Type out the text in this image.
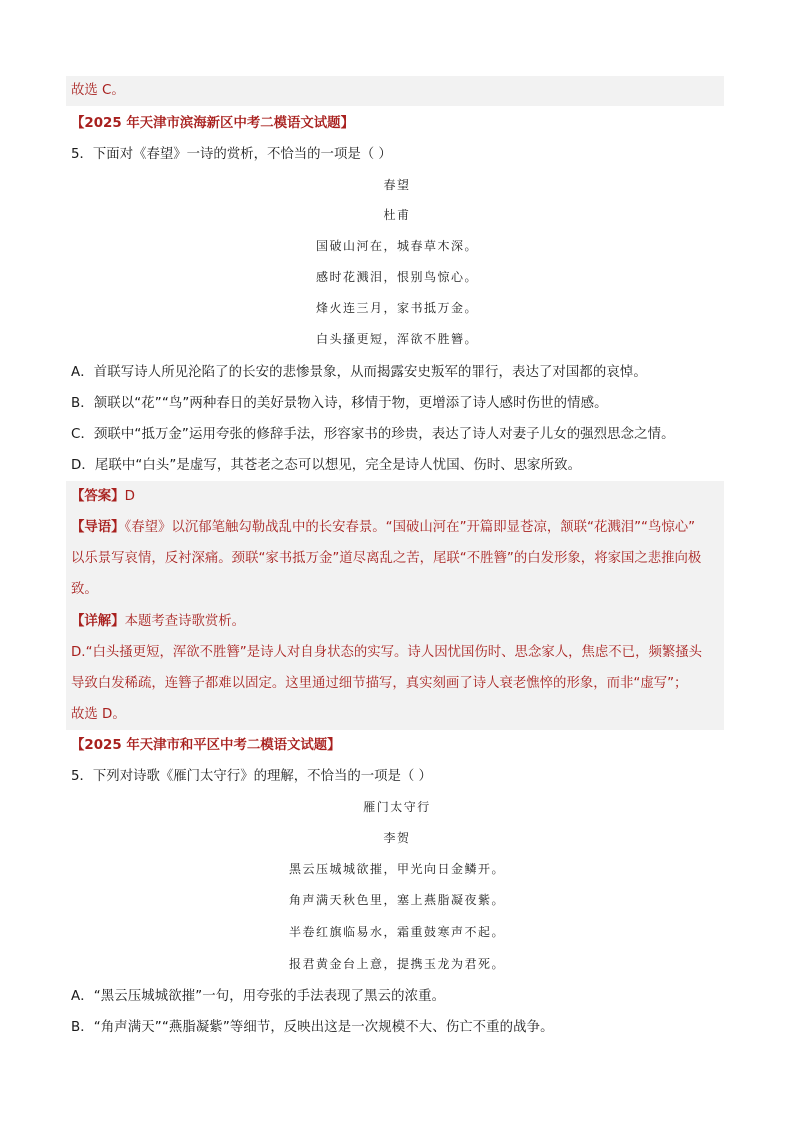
故选 C。
【2025 年天津市滨海新区中考二模语文试题】
5．下面对《春望》一诗的赏析，不恰当的一项是（ ）
春望
杜甫
国破山河在，城春草木深。
感时花溅泪，恨别鸟惊心。
烽火连三月，家书抵万金。
白头搔更短，浑欲不胜簪。
A．首联写诗人所见沦陷了的长安的悲惨景象，从而揭露安史叛军的罪行，表达了对国都的哀悼。
B．颔联以“花”“鸟”两种春日的美好景物入诗，移情于物，更增添了诗人感时伤世的情感。
C．颈联中“抵万金”运用夸张的修辞手法，形容家书的珍贵，表达了诗人对妻子儿女的强烈思念之情。
D．尾联中“白头”是虚写，其苍老之态可以想见，完全是诗人忧国、伤时、思家所致。
【答案】D
【导语】《春望》以沉郁笔触勾勒战乱中的长安春景。“国破山河在”开篇即显苍凉，颔联“花溅泪”“鸟惊心”
以乐景写哀情，反衬深痛。颈联“家书抵万金”道尽离乱之苦，尾联“不胜簪”的白发形象，将家国之悲推向极
致。
【详解】本题考查诗歌赏析。
D.“白头搔更短，浑欲不胜簪”是诗人对自身状态的实写。诗人因忧国伤时、思念家人，焦虑不已，频繁搔头
导致白发稀疏，连簪子都难以固定。这里通过细节描写，真实刻画了诗人衰老憔悴的形象，而非“虚写”；
故选 D。
【2025 年天津市和平区中考二模语文试题】
5．下列对诗歌《雁门太守行》的理解，不恰当的一项是（ ）
雁门太守行
李贺
黑云压城城欲摧，甲光向日金鳞开。
角声满天秋色里，塞上燕脂凝夜紫。
半卷红旗临易水，霜重鼓寒声不起。
报君黄金台上意，提携玉龙为君死。
A．“黑云压城城欲摧”一句，用夸张的手法表现了黑云的浓重。
B．“角声满天”“燕脂凝紫”等细节，反映出这是一次规模不大、伤亡不重的战争。
